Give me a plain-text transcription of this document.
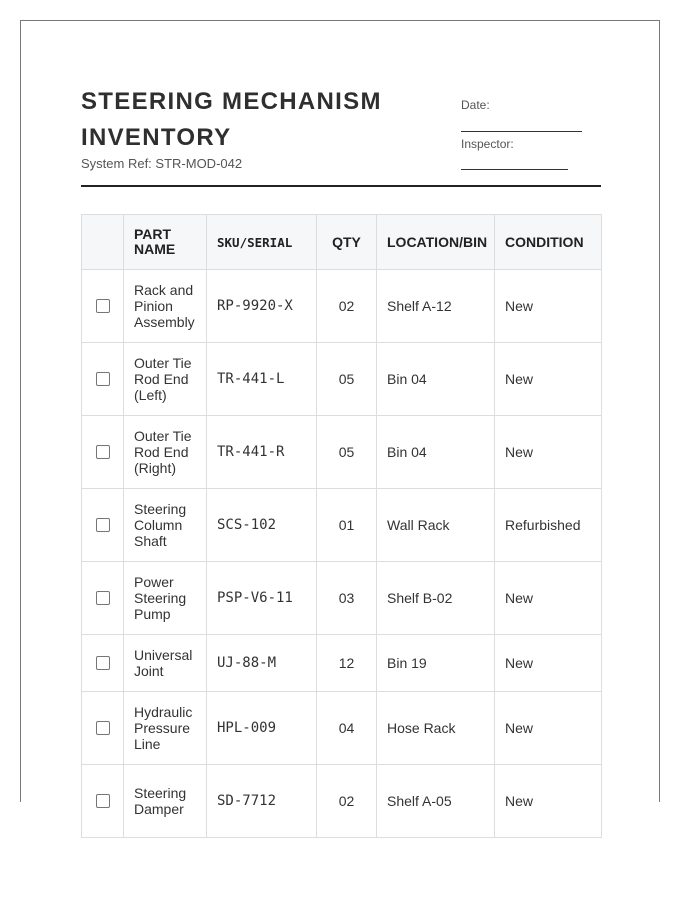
STEERING MECHANISM INVENTORY
System Ref: STR-MOD-042
Date:
Inspector:
	PART NAME	SKU/SERIAL	QTY	LOCATION/BIN	CONDITION

	Rack and Pinion Assembly	RP-9920-X	02	Shelf A-12	New

	Outer Tie Rod End (Left)	TR-441-L	05	Bin 04	New

	Outer Tie Rod End (Right)	TR-441-R	05	Bin 04	New

	Steering Column Shaft	SCS-102	01	Wall Rack	Refurbished

	Power Steering Pump	PSP-V6-11	03	Shelf B-02	New

	Universal Joint	UJ-88-M	12	Bin 19	New

	Hydraulic Pressure Line	HPL-009	04	Hose Rack	New

	Steering Damper	SD-7712	02	Shelf A-05	New
